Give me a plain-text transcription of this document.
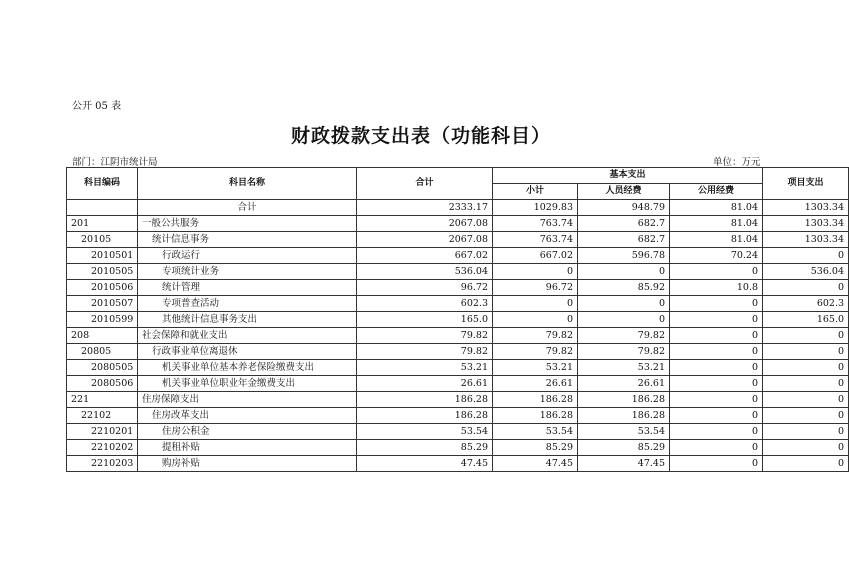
公开 05 表
财政拨款支出表（功能科目）
部门：江阴市统计局	单位：万元
科目编码	科目名称	合计	基本支出			项目支出
			小计	人员经费	公用经费	
	合计	2333.17	1029.83	948.79	81.04	1303.34
201	一般公共服务	2067.08	763.74	682.7	81.04	1303.34
20105	统计信息事务	2067.08	763.74	682.7	81.04	1303.34
2010501	行政运行	667.02	667.02	596.78	70.24	0
2010505	专项统计业务	536.04	0	0	0	536.04
2010506	统计管理	96.72	96.72	85.92	10.8	0
2010507	专项普查活动	602.3	0	0	0	602.3
2010599	其他统计信息事务支出	165.0	0	0	0	165.0
208	社会保障和就业支出	79.82	79.82	79.82	0	0
20805	行政事业单位离退休	79.82	79.82	79.82	0	0
2080505	机关事业单位基本养老保险缴费支出	53.21	53.21	53.21	0	0
2080506	机关事业单位职业年金缴费支出	26.61	26.61	26.61	0	0
221	住房保障支出	186.28	186.28	186.28	0	0
22102	住房改革支出	186.28	186.28	186.28	0	0
2210201	住房公积金	53.54	53.54	53.54	0	0
2210202	提租补贴	85.29	85.29	85.29	0	0
2210203	购房补贴	47.45	47.45	47.45	0	0
